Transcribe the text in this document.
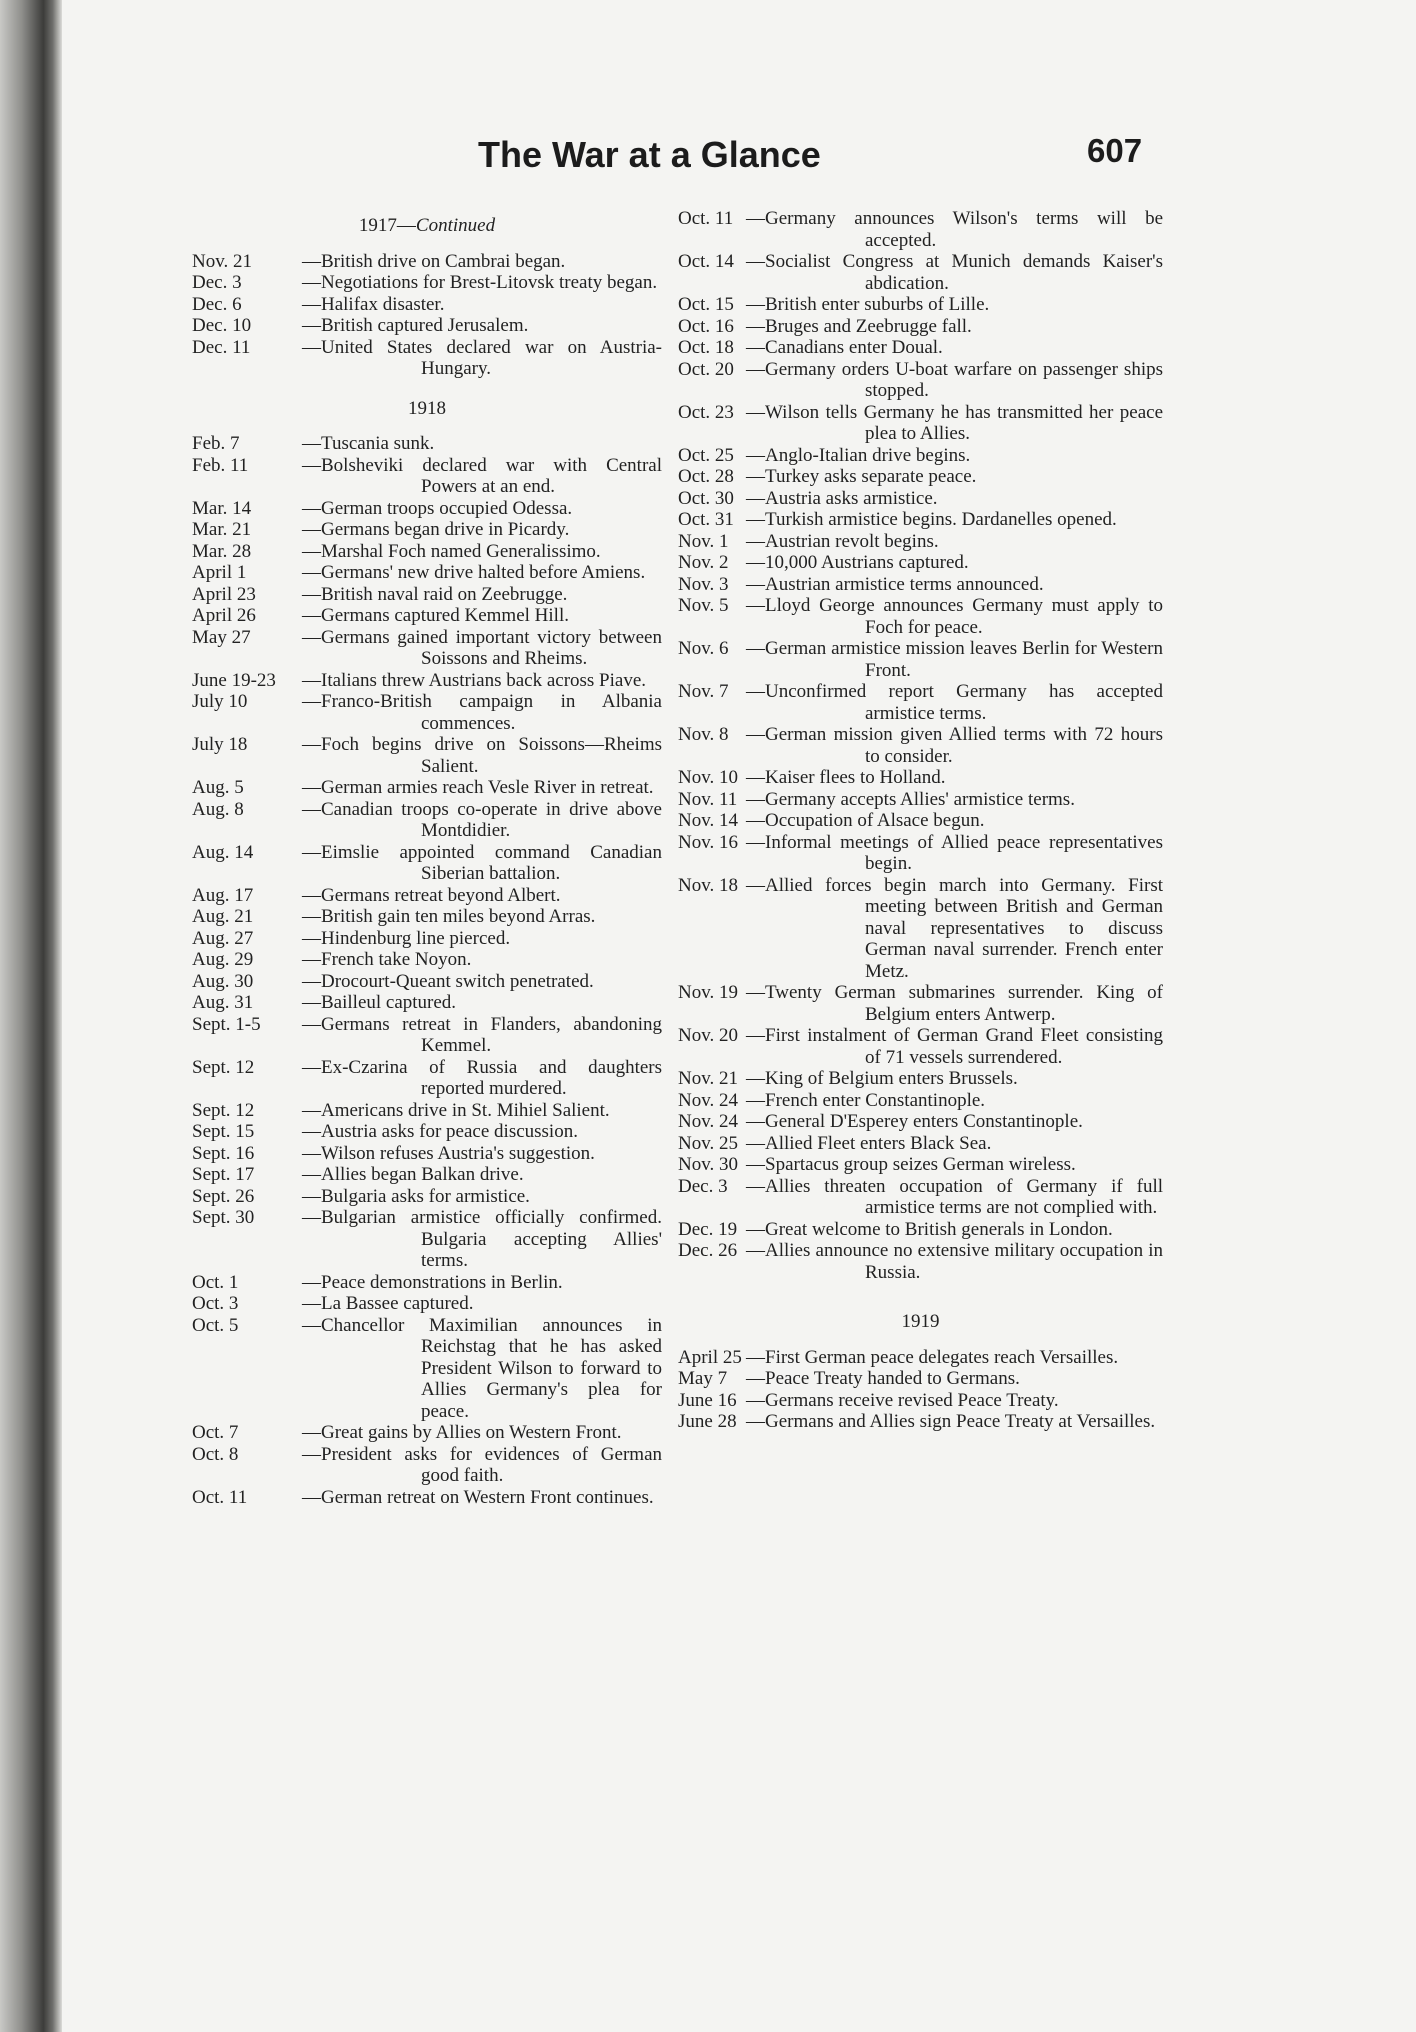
The War at a Glance	607
1917—Continued
Nov. 21	— British drive on Cambrai began.
Dec. 3	— Negotiations for Brest-Litovsk treaty began.
Dec. 6	— Halifax disaster.
Dec. 10	— British captured Jerusalem.
Dec. 11	— United States declared war on Austria-Hungary.
1918
Feb. 7	— Tuscania sunk.
Feb. 11	— Bolsheviki declared war with Central Powers at an end.
Mar. 14	— German troops occupied Odessa.
Mar. 21	— Germans began drive in Picardy.
Mar. 28	— Marshal Foch named Generalissimo.
April 1	— Germans' new drive halted before Amiens.
April 23	— British naval raid on Zeebrugge.
April 26	— Germans captured Kemmel Hill.
May 27	— Germans gained important victory between Soissons and Rheims.
June 19-23	— Italians threw Austrians back across Piave.
July 10	— Franco-British campaign in Albania commences.
July 18	— Foch begins drive on Soissons—Rheims Salient.
Aug. 5	— German armies reach Vesle River in retreat.
Aug. 8	— Canadian troops co-operate in drive above Montdidier.
Aug. 14	— Eimslie appointed command Canadian Siberian battalion.
Aug. 17	— Germans retreat beyond Albert.
Aug. 21	— British gain ten miles beyond Arras.
Aug. 27	— Hindenburg line pierced.
Aug. 29	— French take Noyon.
Aug. 30	— Drocourt-Queant switch penetrated.
Aug. 31	— Bailleul captured.
Sept. 1-5	— Germans retreat in Flanders, abandoning Kemmel.
Sept. 12	— Ex-Czarina of Russia and daughters reported murdered.
Sept. 12	— Americans drive in St. Mihiel Salient.
Sept. 15	— Austria asks for peace discussion.
Sept. 16	— Wilson refuses Austria's suggestion.
Sept. 17	— Allies began Balkan drive.
Sept. 26	— Bulgaria asks for armistice.
Sept. 30	— Bulgarian armistice officially confirmed. Bulgaria accepting Allies' terms.
Oct. 1	— Peace demonstrations in Berlin.
Oct. 3	— La Bassee captured.
Oct. 5	— Chancellor Maximilian announces in Reichstag that he has asked President Wilson to forward to Allies Germany's plea for peace.
Oct. 7	— Great gains by Allies on Western Front.
Oct. 8	— President asks for evidences of German good faith.
Oct. 11	— German retreat on Western Front continues.
Oct. 11 — Germany announces Wilson's terms will be accepted.
Oct. 14 — Socialist Congress at Munich demands Kaiser's abdication.
Oct. 15 — British enter suburbs of Lille.
Oct. 16 — Bruges and Zeebrugge fall.
Oct. 18 — Canadians enter Doual.
Oct. 20 — Germany orders U-boat warfare on passenger ships stopped.
Oct. 23 — Wilson tells Germany he has transmitted her peace plea to Allies.
Oct. 25 — Anglo-Italian drive begins.
Oct. 28 — Turkey asks separate peace.
Oct. 30 — Austria asks armistice.
Oct. 31 — Turkish armistice begins. Dardanelles opened.
Nov. 1 — Austrian revolt begins.
Nov. 2 — 10,000 Austrians captured.
Nov. 3 — Austrian armistice terms announced.
Nov. 5 — Lloyd George announces Germany must apply to Foch for peace.
Nov. 6 — German armistice mission leaves Berlin for Western Front.
Nov. 7 — Unconfirmed report Germany has accepted armistice terms.
Nov. 8 — German mission given Allied terms with 72 hours to consider.
Nov. 10 — Kaiser flees to Holland.
Nov. 11 — Germany accepts Allies' armistice terms.
Nov. 14 — Occupation of Alsace begun.
Nov. 16 — Informal meetings of Allied peace representatives begin.
Nov. 18 — Allied forces begin march into Germany. First meeting between British and German naval representatives to discuss German naval surrender. French enter Metz.
Nov. 19 — Twenty German submarines surrender. King of Belgium enters Antwerp.
Nov. 20 — First instalment of German Grand Fleet consisting of 71 vessels surrendered.
Nov. 21 — King of Belgium enters Brussels.
Nov. 24 — French enter Constantinople.
Nov. 24 — General D'Esperey enters Constantinople.
Nov. 25 — Allied Fleet enters Black Sea.
Nov. 30 — Spartacus group seizes German wireless.
Dec. 3 — Allies threaten occupation of Germany if full armistice terms are not complied with.
Dec. 19 — Great welcome to British generals in London.
Dec. 26 — Allies announce no extensive military occupation in Russia.
1919
April 25 — First German peace delegates reach Versailles.
May 7 — Peace Treaty handed to Germans.
June 16 — Germans receive revised Peace Treaty.
June 28 — Germans and Allies sign Peace Treaty at Versailles.
